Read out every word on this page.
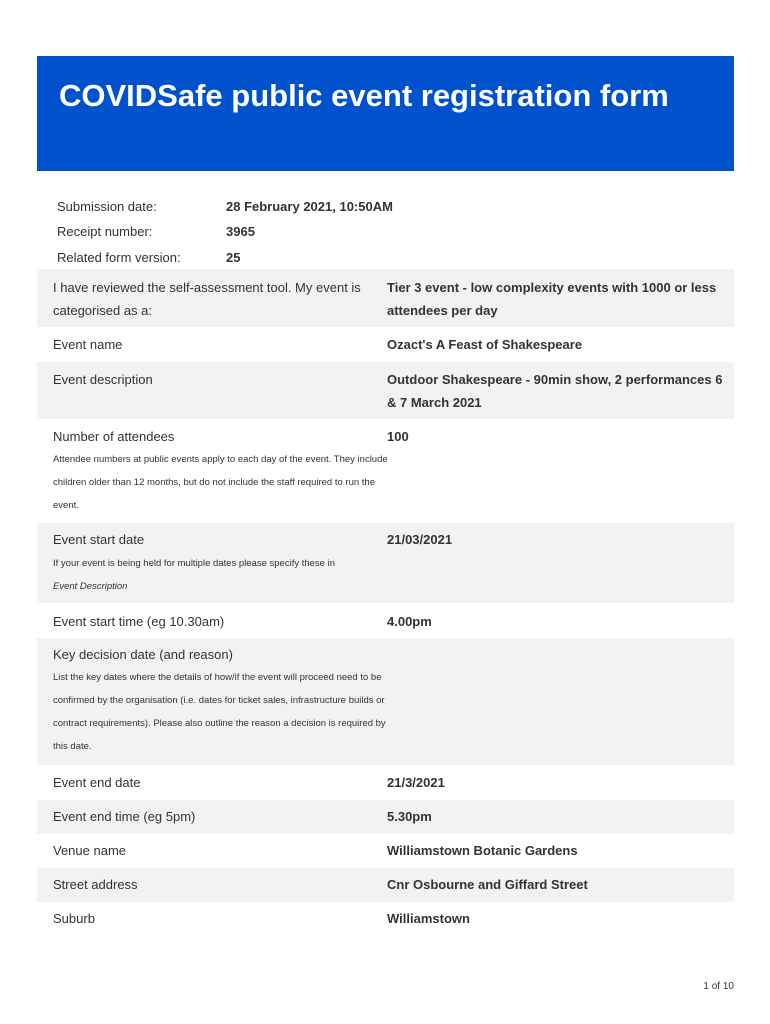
COVIDSafe public event registration form
Submission date:	28 February 2021, 10:50AM
Receipt number:	3965
Related form version:	25
I have reviewed the self-assessment tool. My event is categorised as a:
Tier 3 event - low complexity events with 1000 or less attendees per day
Event name	Ozact's A Feast of Shakespeare
Event description	Outdoor Shakespeare - 90min show, 2 performances 6 & 7 March 2021
Number of attendees	100
Attendee numbers at public events apply to each day of the event. They include children older than 12 months, but do not include the staff required to run the event.
Event start date	21/03/2021
If your event is being held for multiple dates please specify these in
Event Description
Event start time (eg 10.30am)	4.00pm
Key decision date (and reason)
List the key dates where the details of how/if the event will proceed need to be confirmed by the organisation (i.e. dates for ticket sales, infrastructure builds or contract requirements). Please also outline the reason a decision is required by this date.
Event end date	21/3/2021
Event end time (eg 5pm)	5.30pm
Venue name	Williamstown Botanic Gardens
Street address	Cnr Osbourne and Giffard Street
Suburb	Williamstown
1 of 10
